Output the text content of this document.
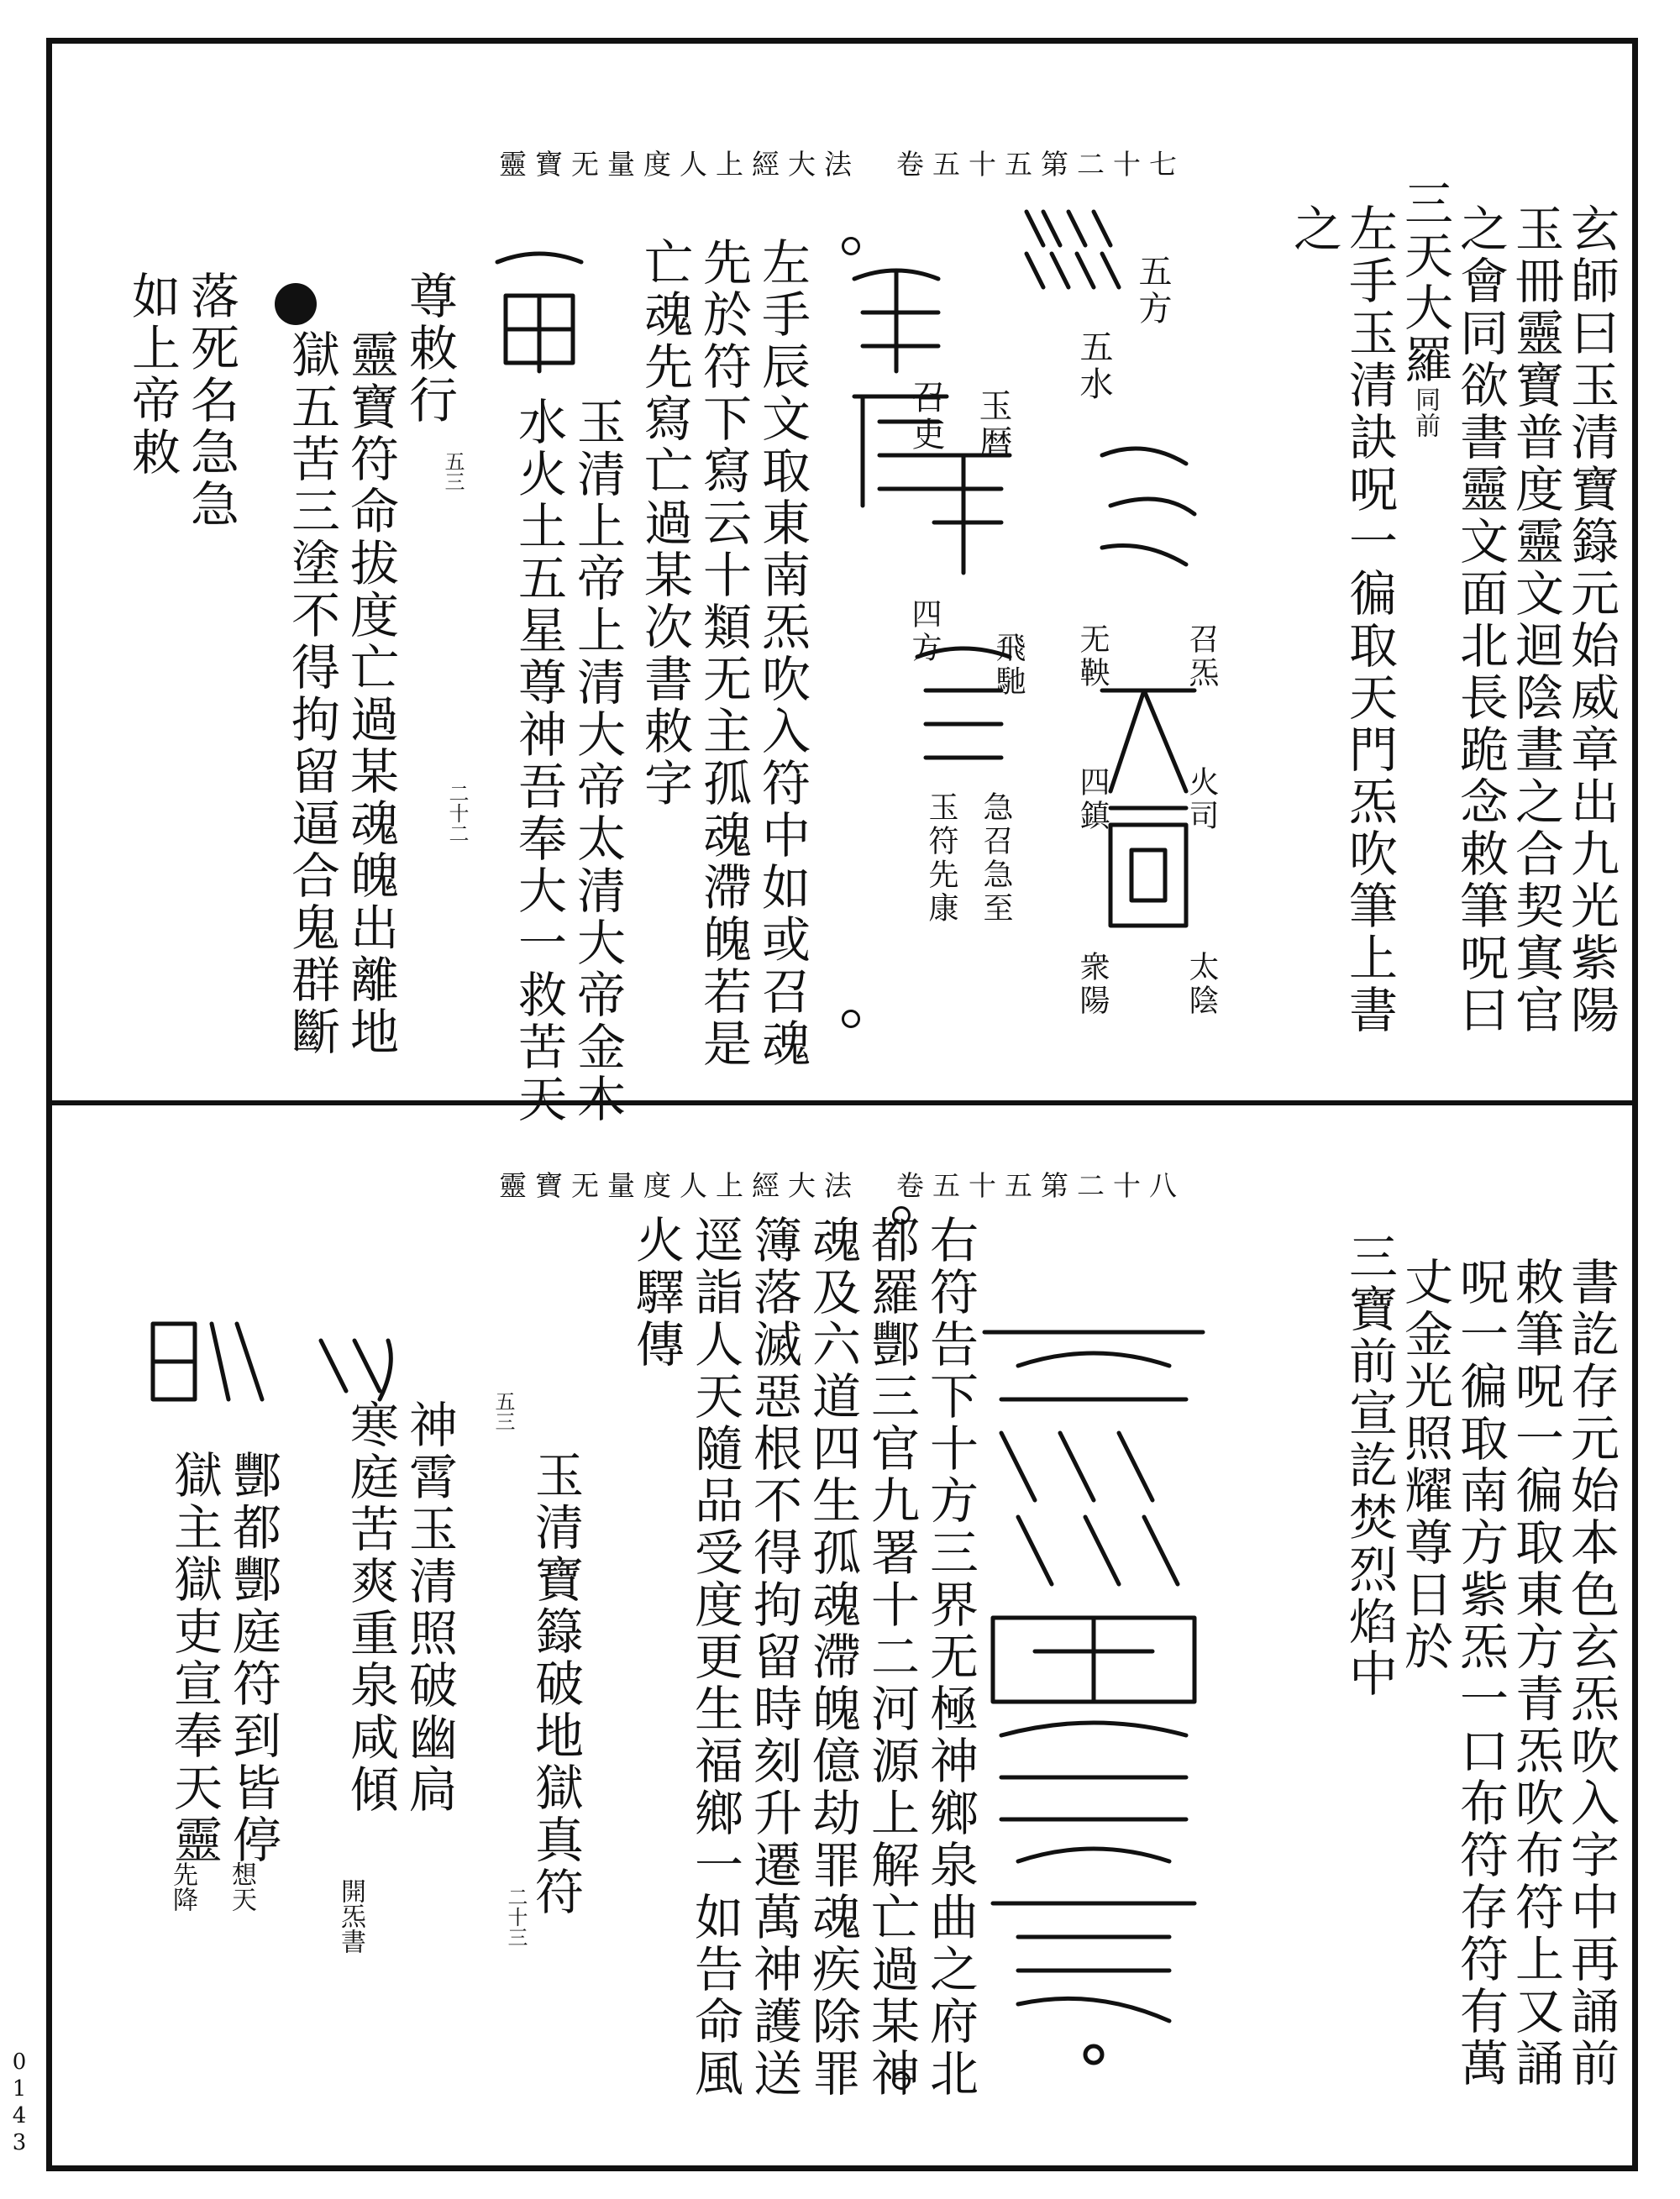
靈寶无量度人上經大法　卷五十五第二十七
玄師曰玉清寶籙元始威章出九光紫陽
玉冊靈寶普度靈文迴陰晝之合契寘官
之會同欲書靈文面北長跪念敕筆呪曰
三天大羅同前
左手玉清訣呪一徧取天門炁吹筆上書
之
五方
召炁
火司
太陰
五水
无鞅
四鎮
衆陽
玉暦
飛馳
急召急至
召吏
四方
玉符先康
左手辰文取東南炁吹入符中如或召魂
先於符下寫云十類无主孤魂滯魄若是
亡魂先寫亡過某次書敕字
玉清上帝上清大帝太清大帝金木
水火土五星尊神吾奉大一救苦天
五三
二十二
尊敕行
靈寶符命拔度亡過某魂魄出離地
獄五苦三塗不得拘留逼合鬼群斷
落死名急急
如上帝敕
靈寶无量度人上經大法　卷五十五第二十八
書訖存元始本色玄炁吹入字中再誦前
敕筆呪一徧取東方青炁吹布符上又誦
呪一徧取南方紫炁一口布符存符有萬
丈金光照耀尊日於
三寶前宣訖焚烈焰中
右符告下十方三界无極神鄉泉曲之府北
都羅酆三官九署十二河源上解亡過某神
魂及六道四生孤魂滯魄億劫罪魂疾除罪
簿落滅惡根不得拘留時刻升遷萬神護送
逕詣人天隨品受度更生福鄉一如告命風
火驛傳
五三
玉清寶籙破地獄真符
二十三
神霄玉清照破幽扃
寒庭苦爽重泉咸傾
開炁書
酆都酆庭符到皆停
想天
獄主獄吏宣奉天靈
先降
0143
